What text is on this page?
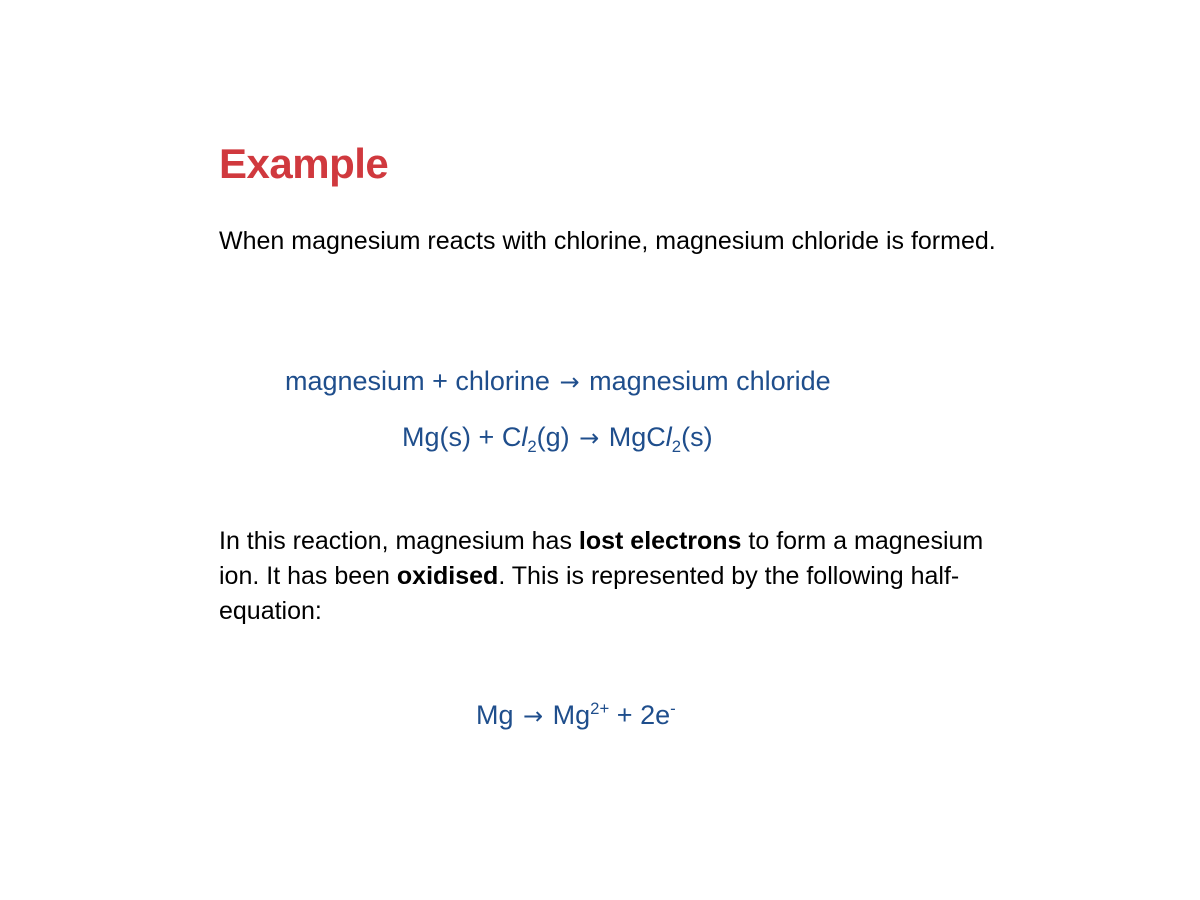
Example
When magnesium reacts with chlorine, magnesium chloride is formed.
magnesium + chlorine → magnesium chloride
$Mg(s) + Cl_2(g)$ → MgCl$_2$(s)
In this reaction, magnesium has lost electrons to form a magnesium ion. It has been oxidised. This is represented by the following half-equation:
$Mg \to Mg^{2+} + 2e^-$
